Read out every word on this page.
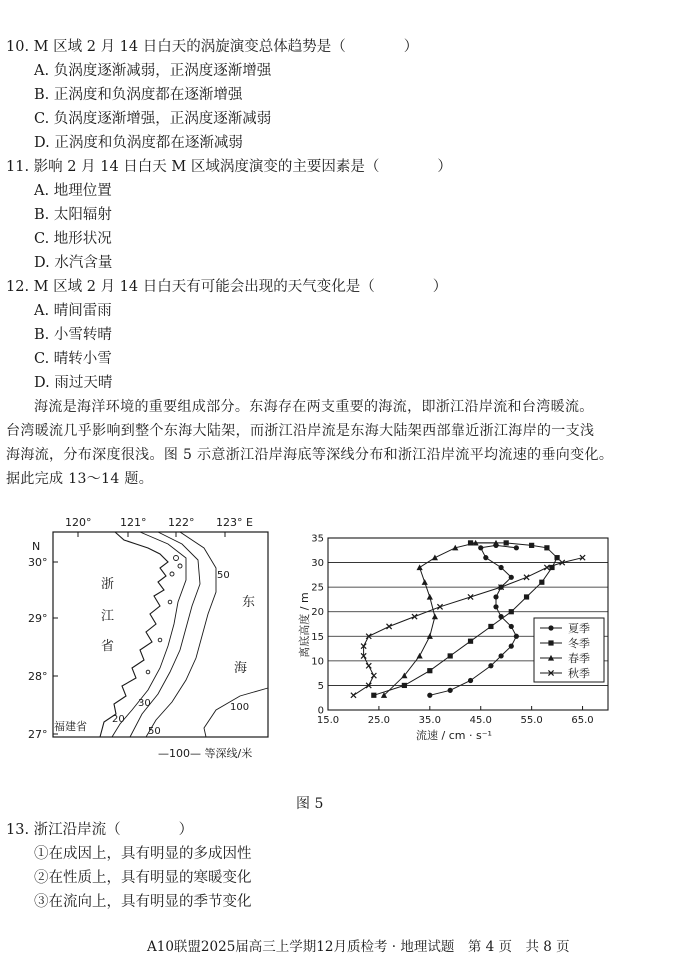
10. M 区域 2 月 14 日白天的涡旋演变总体趋势是（　　　　）
A. 负涡度逐渐减弱，正涡度逐渐增强
B. 正涡度和负涡度都在逐渐增强
C. 负涡度逐渐增强，正涡度逐渐减弱
D. 正涡度和负涡度都在逐渐减弱
11. 影响 2 月 14 日白天 M 区域涡度演变的主要因素是（　　　　）
A. 地理位置
B. 太阳辐射
C. 地形状况
D. 水汽含量
12. M 区域 2 月 14 日白天有可能会出现的天气变化是（　　　　）
A. 晴间雷雨
B. 小雪转晴
C. 晴转小雪
D. 雨过天晴
海流是海洋环境的重要组成部分。东海存在两支重要的海流，即浙江沿岸流和台湾暖流。
台湾暖流几乎影响到整个东海大陆架，而浙江沿岸流是东海大陆架西部靠近浙江海岸的一支浅
海海流，分布深度很浅。图 5 示意浙江沿岸海底等深线分布和浙江沿岸流平均流速的垂向变化。
据此完成 13～14 题。
120°	121° 122° 123° E
N
30°
29°
28°
27°
浙
江
省
东
海
福建省
50
20
30
50
100
—100— 等深线/米
0
5
10
15
20
25
30
35
15.0	25.0	35.0	45.0	55.0	65.0
流速 / cm · s⁻¹
离底高度 / m	夏季
冬季
春季
秋季
图 5
13. 浙江沿岸流（　　　　）
①在成因上，具有明显的多成因性
②在性质上，具有明显的寒暖变化
③在流向上，具有明显的季节变化
A10联盟2025届高三上学期12月质检考 · 地理试题　第 4 页　共 8 页
